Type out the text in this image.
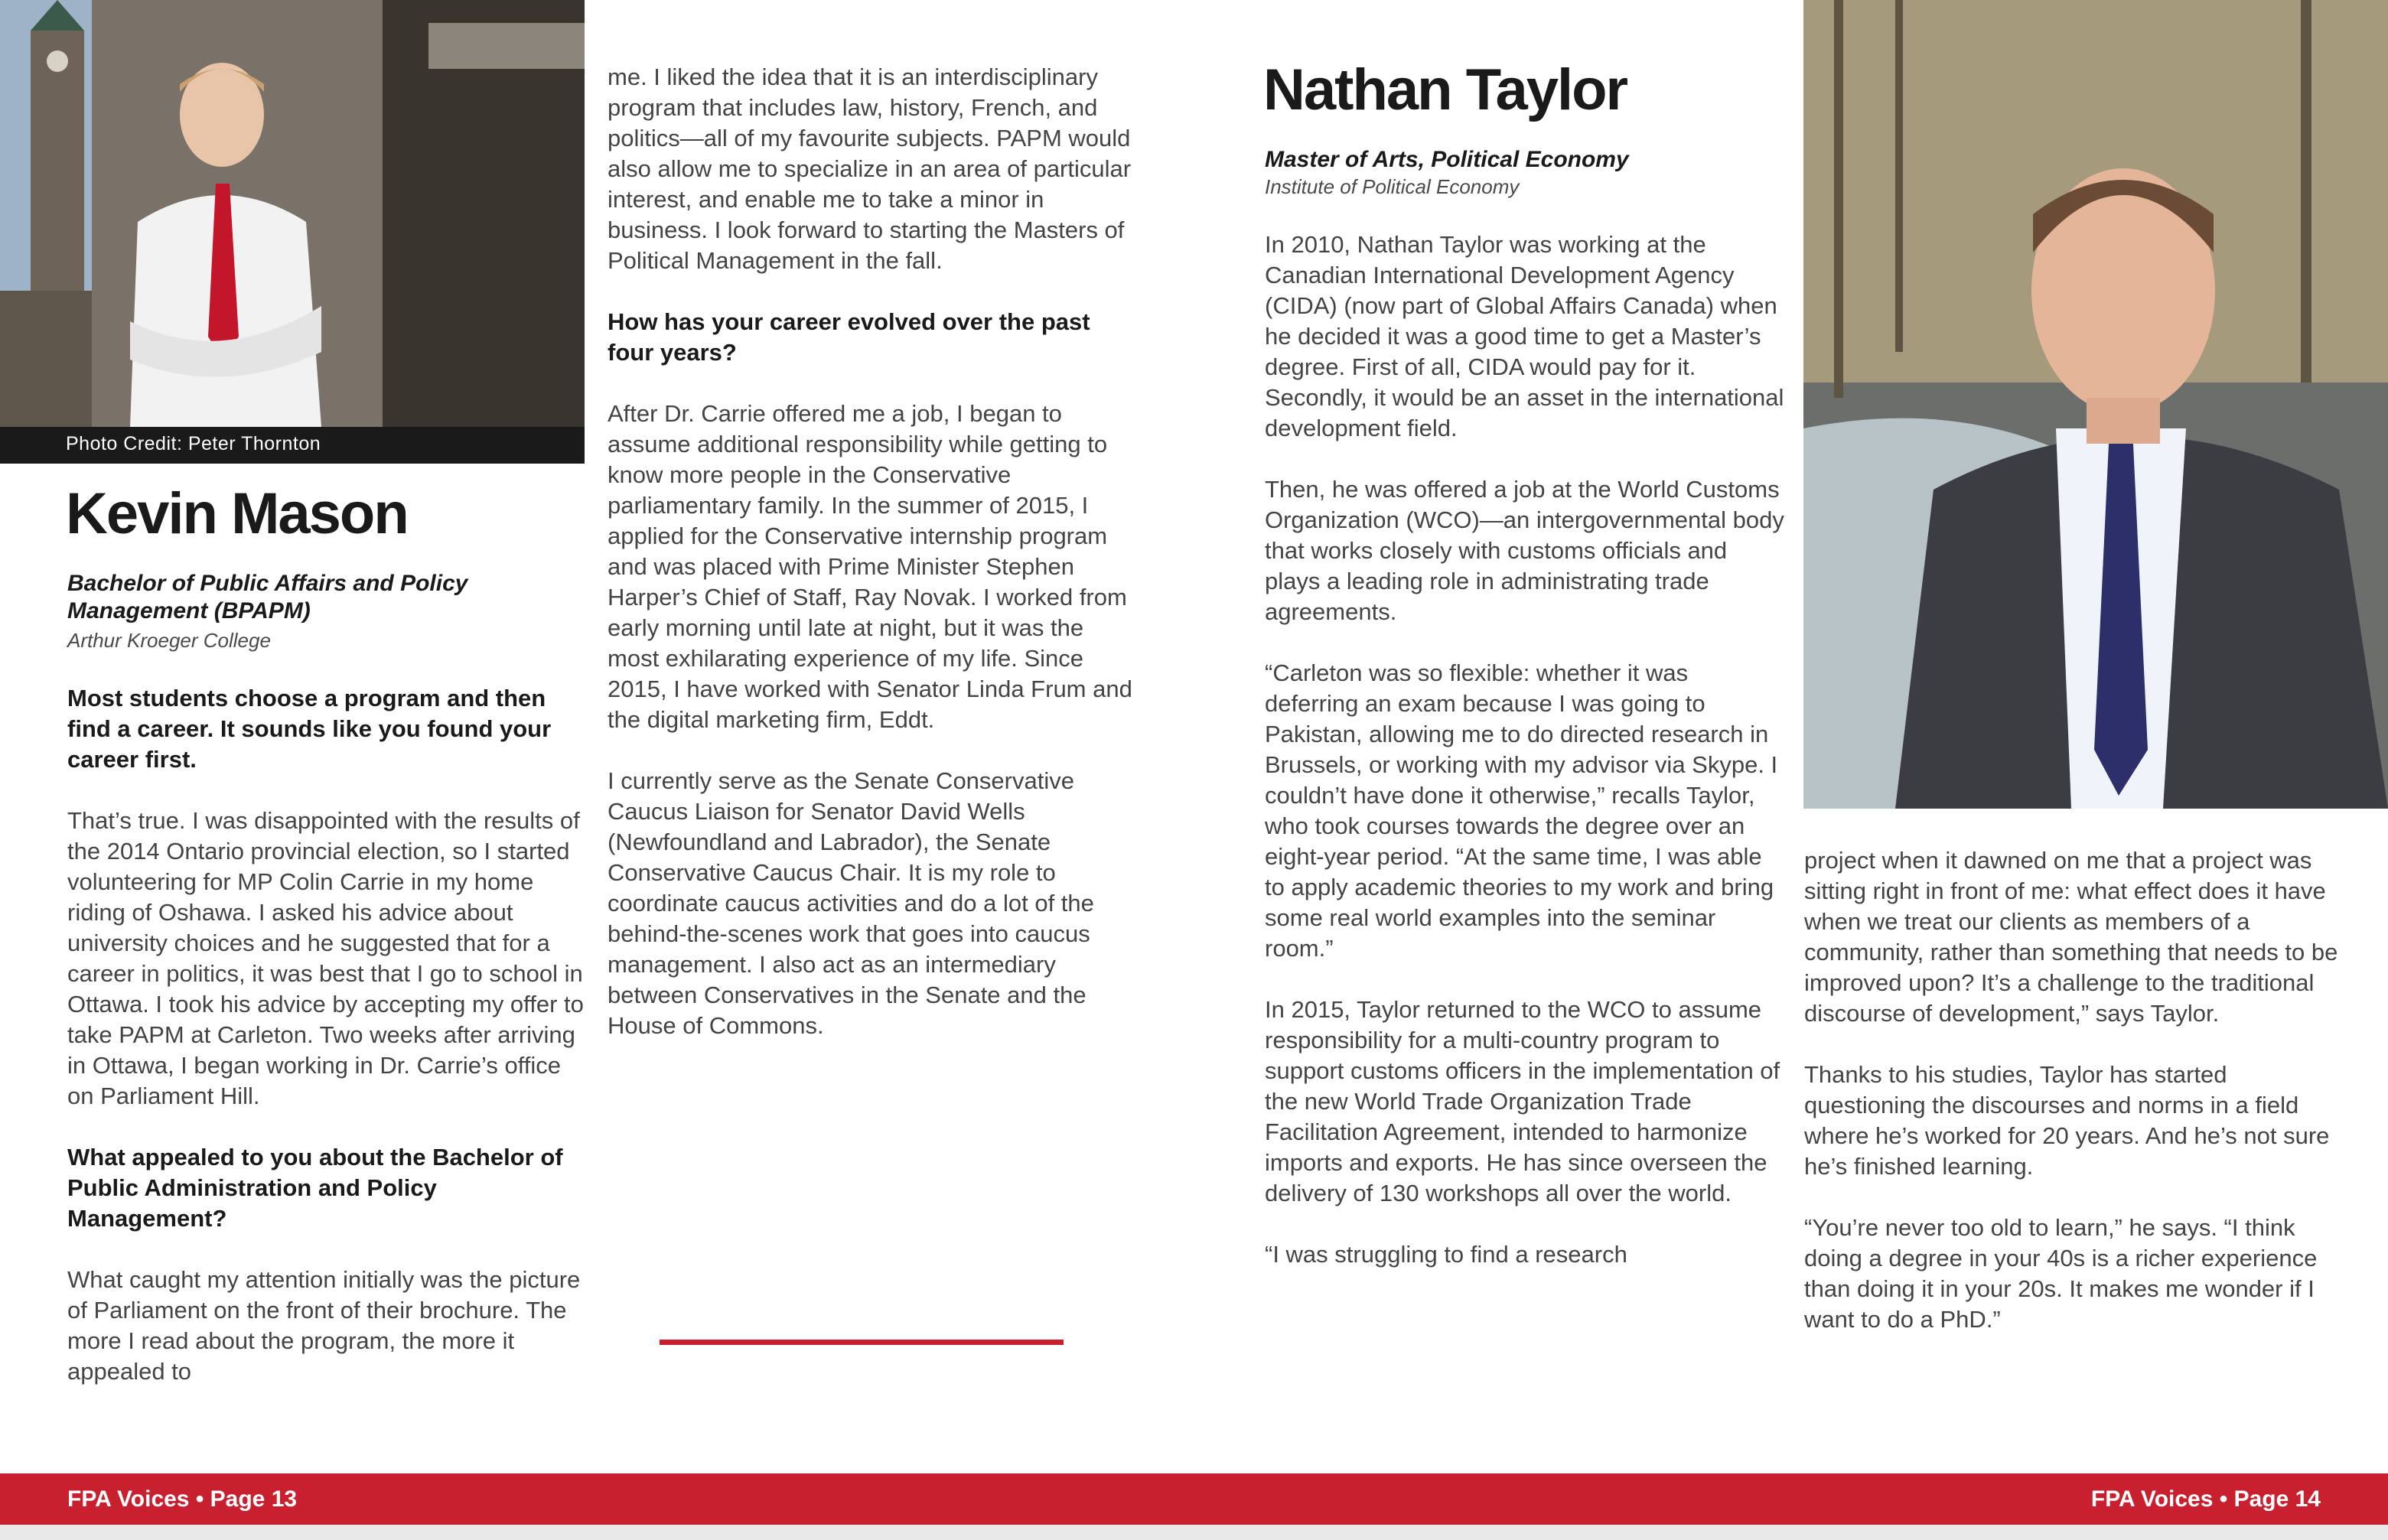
Photo Credit: Peter Thornton
Kevin Mason
Bachelor of Public Affairs and Policy
Management (BPAPM)
Arthur Kroeger College

Most students choose a program and then find a career. It sounds like you found your career first.

That’s true. I was disappointed with the results of the 2014 Ontario provincial election, so I started volunteering for MP Colin Carrie in my home riding of Oshawa. I asked his advice about university choices and he suggested that for a career in politics, it was best that I go to school in Ottawa. I took his advice by accepting my offer to take PAPM at Carleton. Two weeks after arriving in Ottawa, I began working in Dr. Carrie’s office on Parliament Hill.

What appealed to you about the Bachelor of Public Administration and Policy Management?

What caught my attention initially was the picture of Parliament on the front of their brochure. The more I read about the program, the more it appealed to

me. I liked the idea that it is an interdisciplinary program that includes law, history, French, and politics—all of my favourite subjects. PAPM would also allow me to specialize in an area of particular interest, and enable me to take a minor in business. I look forward to starting the Masters of Political Management in the fall.

How has your career evolved over the past four years?

After Dr. Carrie offered me a job, I began to assume additional responsibility while getting to know more people in the Conservative parliamentary family. In the summer of 2015, I applied for the Conservative internship program and was placed with Prime Minister Stephen Harper’s Chief of Staff, Ray Novak. I worked from early morning until late at night, but it was the most exhilarating experience of my life. Since 2015, I have worked with Senator Linda Frum and the digital marketing firm, Eddt.

I currently serve as the Senate Conservative Caucus Liaison for Senator David Wells (Newfoundland and Labrador), the Senate Conservative Caucus Chair. It is my role to coordinate caucus activities and do a lot of the behind-the-scenes work that goes into caucus management. I also act as an intermediary between Conservatives in the Senate and the House of Commons.

Nathan Taylor
Master of Arts, Political Economy
Institute of Political Economy

In 2010, Nathan Taylor was working at the Canadian International Development Agency (CIDA) (now part of Global Affairs Canada) when he decided it was a good time to get a Master’s degree. First of all, CIDA would pay for it. Secondly, it would be an asset in the international development field.

Then, he was offered a job at the World Customs Organization (WCO)—an intergovernmental body that works closely with customs officials and plays a leading role in administrating trade agreements.

“Carleton was so flexible: whether it was deferring an exam because I was going to Pakistan, allowing me to do directed research in Brussels, or working with my advisor via Skype. I couldn’t have done it otherwise,” recalls Taylor, who took courses towards the degree over an eight-year period. “At the same time, I was able to apply academic theories to my work and bring some real world examples into the seminar room.”

In 2015, Taylor returned to the WCO to assume responsibility for a multi-country program to support customs officers in the implementation of the new World Trade Organization Trade Facilitation Agreement, intended to harmonize imports and exports. He has since overseen the delivery of 130 workshops all over the world.

“I was struggling to find a research

project when it dawned on me that a project was sitting right in front of me: what effect does it have when we treat our clients as members of a community, rather than something that needs to be improved upon? It’s a challenge to the traditional discourse of development,” says Taylor.

Thanks to his studies, Taylor has started questioning the discourses and norms in a field where he’s worked for 20 years. And he’s not sure he’s finished learning.

“You’re never too old to learn,” he says. “I think doing a degree in your 40s is a richer experience than doing it in your 20s. It makes me wonder if I want to do a PhD.”

FPA Voices • Page 13	FPA Voices • Page 14
